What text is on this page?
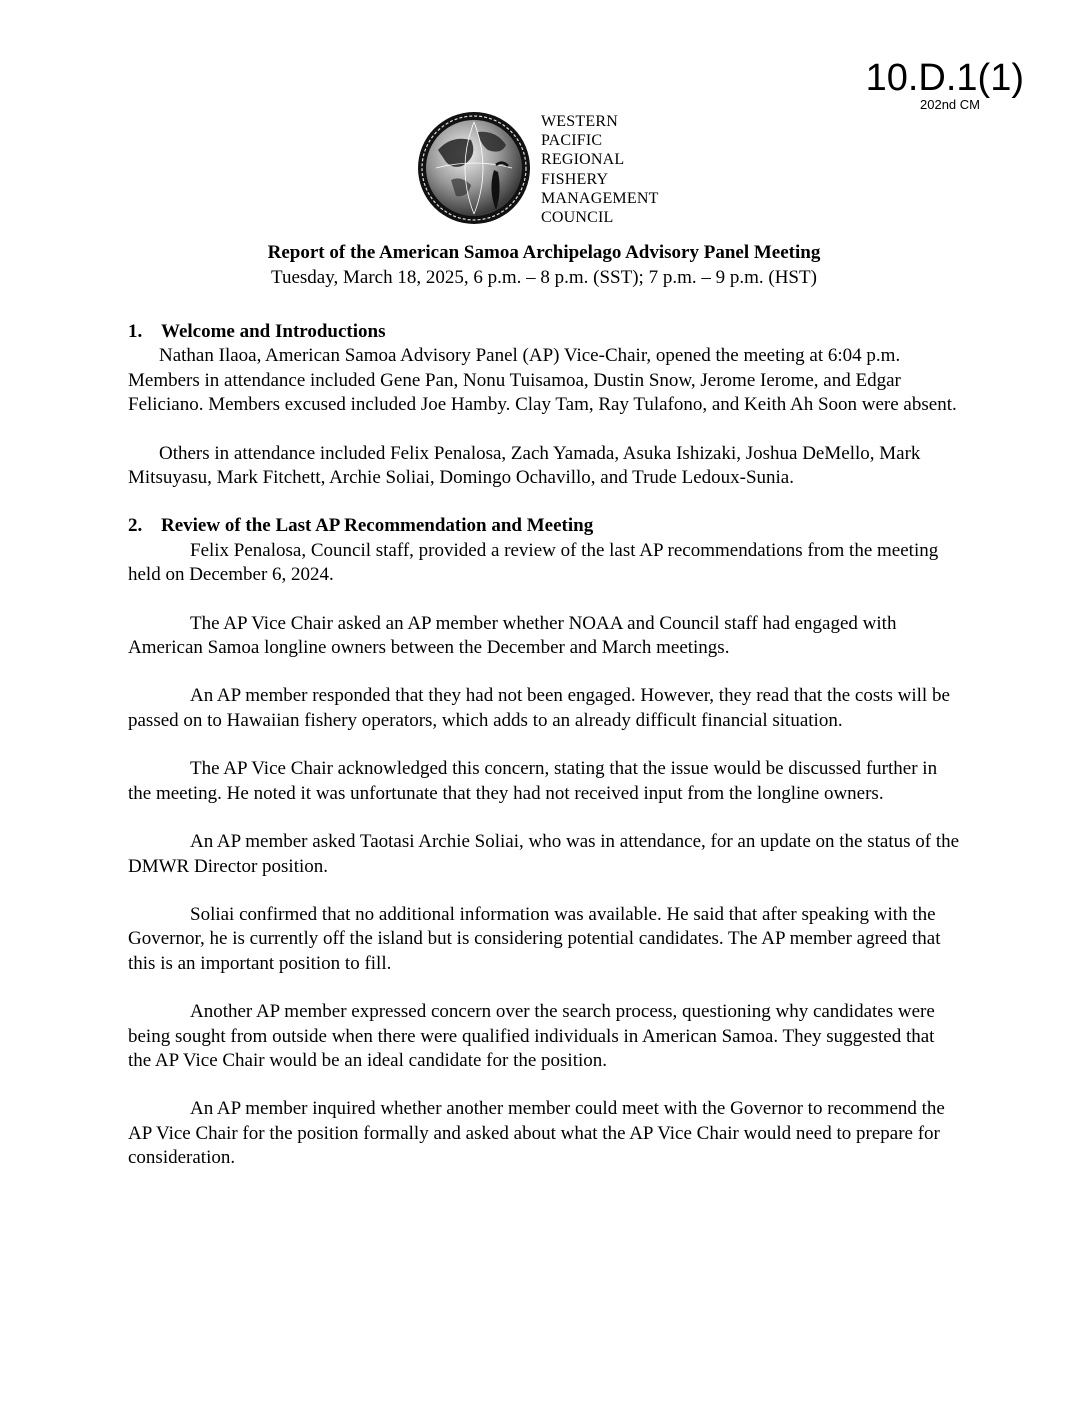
10.D.1(1)
202nd CM
WESTERN
PACIFIC
REGIONAL
FISHERY
MANAGEMENT
COUNCIL
Report of the American Samoa Archipelago Advisory Panel Meeting
Tuesday, March 18, 2025, 6 p.m. – 8 p.m. (SST); 7 p.m. – 9 p.m. (HST)
1. Welcome and Introductions

Nathan Ilaoa, American Samoa Advisory Panel (AP) Vice-Chair, opened the meeting at 6:04 p.m. Members in attendance included Gene Pan, Nonu Tuisamoa, Dustin Snow, Jerome Ierome, and Edgar Feliciano. Members excused included Joe Hamby. Clay Tam, Ray Tulafono, and Keith Ah Soon were absent.

Others in attendance included Felix Penalosa, Zach Yamada, Asuka Ishizaki, Joshua DeMello, Mark Mitsuyasu, Mark Fitchett, Archie Soliai, Domingo Ochavillo, and Trude Ledoux-Sunia.

2. Review of the Last AP Recommendation and Meeting

Felix Penalosa, Council staff, provided a review of the last AP recommendations from the meeting held on December 6, 2024.

The AP Vice Chair asked an AP member whether NOAA and Council staff had engaged with American Samoa longline owners between the December and March meetings.

An AP member responded that they had not been engaged. However, they read that the costs will be passed on to Hawaiian fishery operators, which adds to an already difficult financial situation.

The AP Vice Chair acknowledged this concern, stating that the issue would be discussed further in the meeting. He noted it was unfortunate that they had not received input from the longline owners.

An AP member asked Taotasi Archie Soliai, who was in attendance, for an update on the status of the DMWR Director position.

Soliai confirmed that no additional information was available. He said that after speaking with the Governor, he is currently off the island but is considering potential candidates. The AP member agreed that this is an important position to fill.

Another AP member expressed concern over the search process, questioning why candidates were being sought from outside when there were qualified individuals in American Samoa. They suggested that the AP Vice Chair would be an ideal candidate for the position.

An AP member inquired whether another member could meet with the Governor to recommend the AP Vice Chair for the position formally and asked about what the AP Vice Chair would need to prepare for consideration.
